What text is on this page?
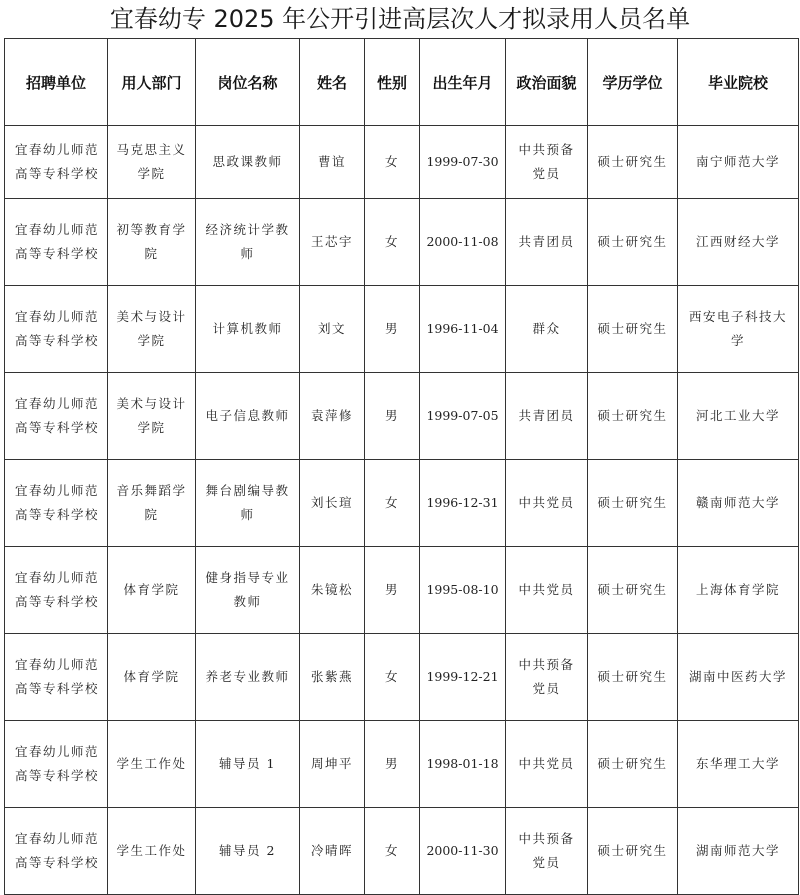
宜春幼专 2025 年公开引进高层次人才拟录用人员名单
招聘单位	用人部门	岗位名称	姓名	性别	出生年月	政治面貌	学历学位	毕业院校
宜春幼儿师范高等专科学校	马克思主义学院	思政课教师	曹谊	女	1999-07-30	中共预备党员	硕士研究生	南宁师范大学
宜春幼儿师范高等专科学校	初等教育学院	经济统计学教师	王芯宇	女	2000-11-08	共青团员	硕士研究生	江西财经大学
宜春幼儿师范高等专科学校	美术与设计学院	计算机教师	刘文	男	1996-11-04	群众	硕士研究生	西安电子科技大学
宜春幼儿师范高等专科学校	美术与设计学院	电子信息教师	袁萍修	男	1999-07-05	共青团员	硕士研究生	河北工业大学
宜春幼儿师范高等专科学校	音乐舞蹈学院	舞台剧编导教师	刘长瑄	女	1996-12-31	中共党员	硕士研究生	赣南师范大学
宜春幼儿师范高等专科学校	体育学院	健身指导专业教师	朱镜松	男	1995-08-10	中共党员	硕士研究生	上海体育学院
宜春幼儿师范高等专科学校	体育学院	养老专业教师	张紫燕	女	1999-12-21	中共预备党员	硕士研究生	湖南中医药大学
宜春幼儿师范高等专科学校	学生工作处	辅导员 1	周坤平	男	1998-01-18	中共党员	硕士研究生	东华理工大学
宜春幼儿师范高等专科学校	学生工作处	辅导员 2	冷晴晖	女	2000-11-30	中共预备党员	硕士研究生	湖南师范大学
